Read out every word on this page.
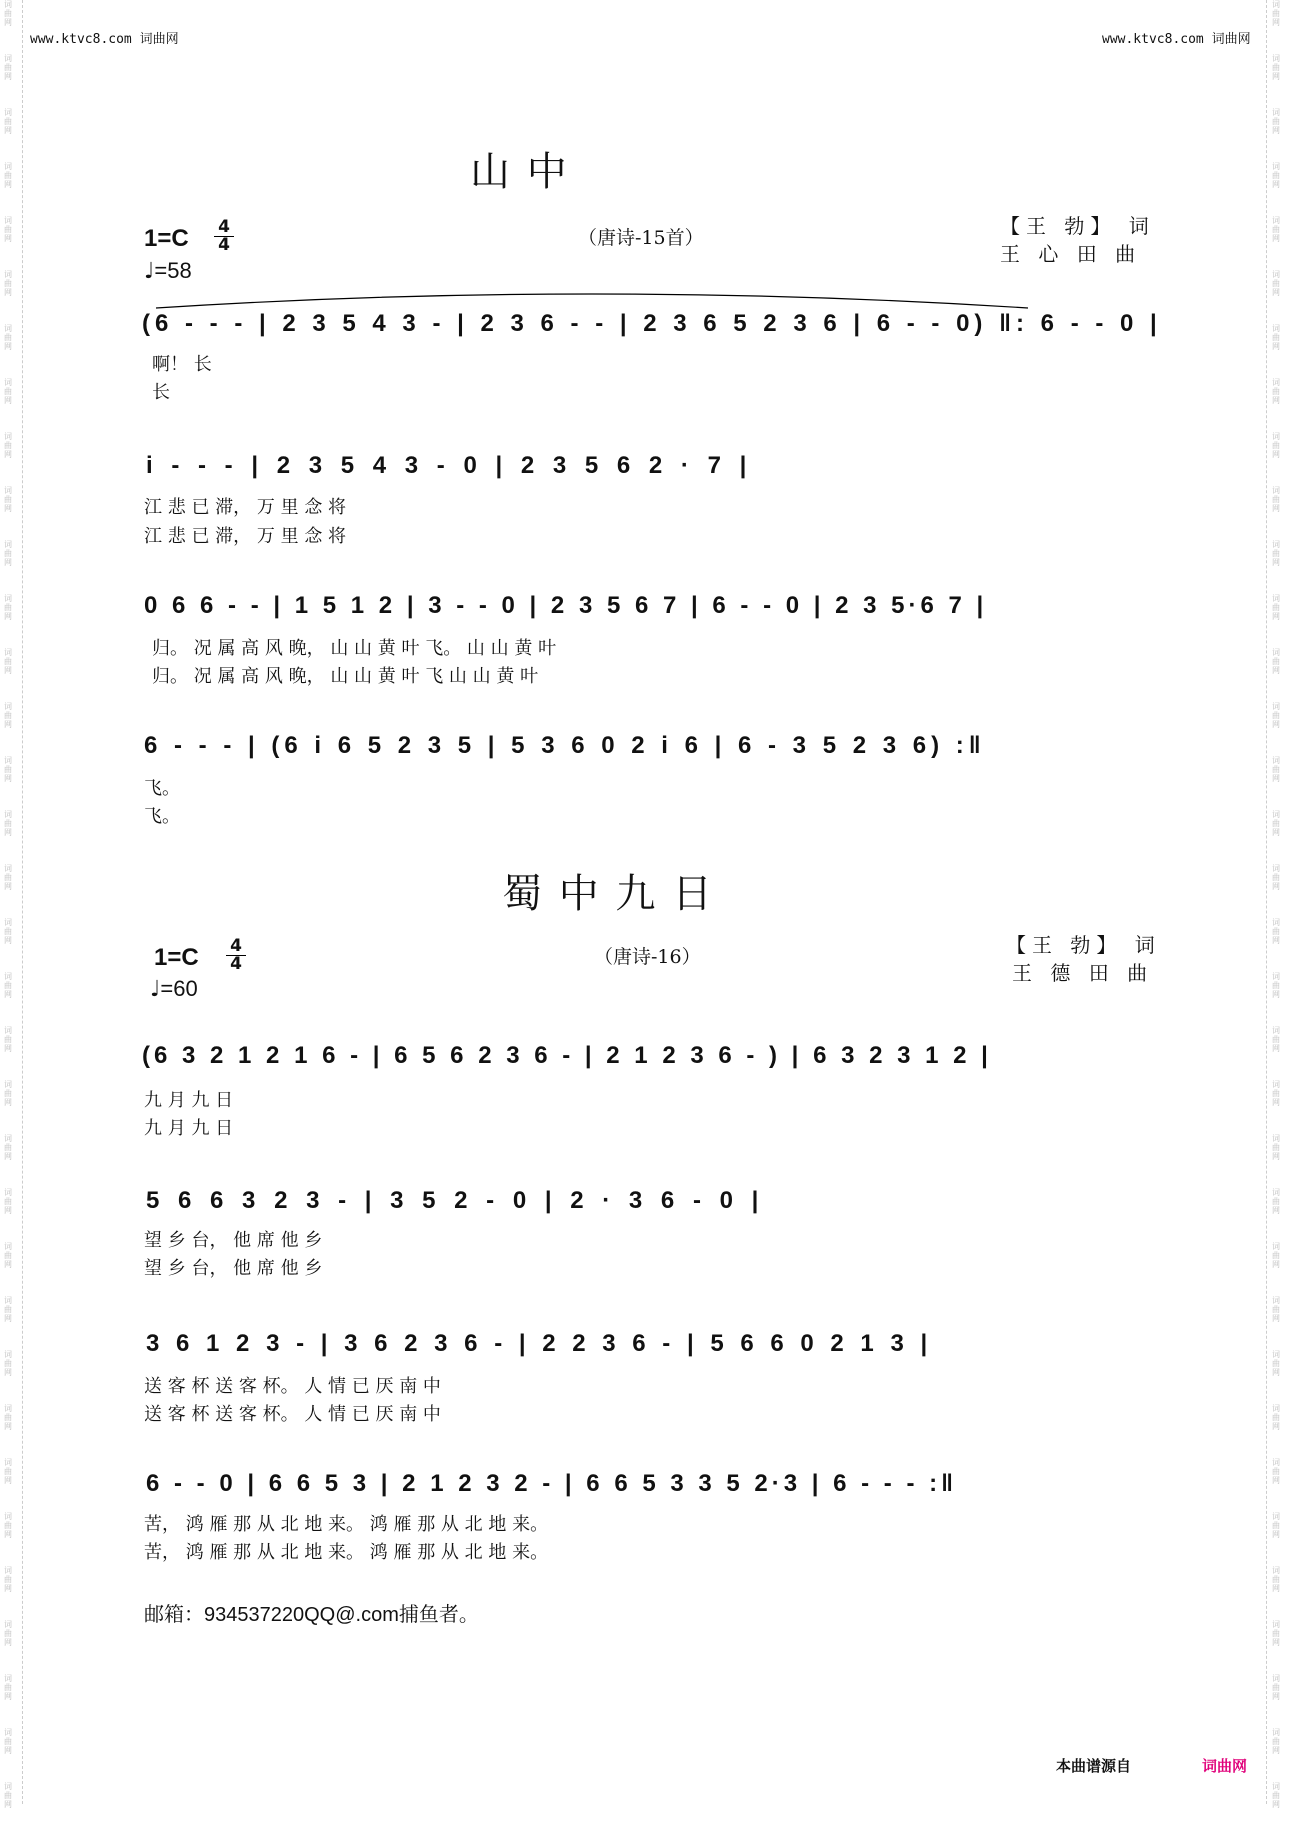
词
曲
网

词
曲
网

词
曲
网

词
曲
网

词
曲
网

词
曲
网

词
曲
网

词
曲
网

词
曲
网

词
曲
网

词
曲
网

词
曲
网

词
曲
网

词
曲
网

词
曲
网

词
曲
网

词
曲
网

词
曲
网

词
曲
网

词
曲
网

词
曲
网

词
曲
网

词
曲
网

词
曲
网

词
曲
网

词
曲
网

词
曲
网

词
曲
网

词
曲
网

词
曲
网

词
曲
网

词
曲
网

词
曲
网

词
曲
网

词
曲
网

词
曲
网

词
曲
网

词
曲
网

词
曲
网

词
曲
网

词
曲
网

词
曲
网

词
曲
网

词
曲
网

词
曲
网

词
曲
网

词
曲
网

词
曲
网

词
曲
网

词
曲
网

词
曲
网

词
曲
网

词
曲
网

词
曲
网

词
曲
网

词
曲
网

词
曲
网

词
曲
网

词
曲
网

词
曲
网

词
曲
网

词
曲
网

词
曲
网

词
曲
网

词
曲
网

词
曲
网

词
曲
网

词
曲
网

www.ktvc8.com 词曲网	www.ktvc8.com 词曲网
山 中
1=C 4
4
♩=58
（唐诗-15首）	【王 勃】 词
王 心 田 曲
(6 - - - | 2 3 5 4 3 - | 2 3 6 - - | 2 3 6 5 2 3 6 | 6 - - 0) ‖: 6 - - 0 |
啊！ 长
长
i - - - | 2 3 5 4 3 - 0 | 2 3 5 6 2 · 7 |
江 悲 已 滞， 万 里 念 将
江 悲 已 滞， 万 里 念 将
0 6 6 - - | 1 5 1 2 | 3 - - 0 | 2 3 5 6 7 | 6 - - 0 | 2 3 5·6 7 |
归。 况 属 高 风 晚， 山 山 黄 叶 飞。 山 山 黄 叶
归。 况 属 高 风 晚， 山 山 黄 叶 飞 山 山 黄 叶
6 - - - | (6 i 6 5 2 3 5 | 5 3 6 0 2 i 6 | 6 - 3 5 2 3 6) :‖
飞。
飞。
蜀 中 九 日
1=C 4
4
♩=60
（唐诗-16）	【王 勃】 词
王 德 田 曲
(6 3 2 1 2 1 6 - | 6 5 6 2 3 6 - | 2 1 2 3 6 - ) | 6 3 2 3 1 2 |
九 月 九 日
九 月 九 日
5 6 6 3 2 3 - | 3 5 2 - 0 | 2 · 3 6 - 0 |
望 乡 台， 他 席 他 乡
望 乡 台， 他 席 他 乡
3 6 1 2 3 - | 3 6 2 3 6 - | 2 2 3 6 - | 5 6 6 0 2 1 3 |
送 客 杯 送 客 杯。 人 情 已 厌 南 中
送 客 杯 送 客 杯。 人 情 已 厌 南 中
6 - - 0 | 6 6 5 3 | 2 1 2 3 2 - | 6 6 5 3 3 5 2·3 | 6 - - - :‖
苦， 鸿 雁 那 从 北 地 来。 鸿 雁 那 从 北 地 来。
苦， 鸿 雁 那 从 北 地 来。 鸿 雁 那 从 北 地 来。
邮箱：934537220QQ@.com捕鱼者。
本曲谱源自	词曲网
